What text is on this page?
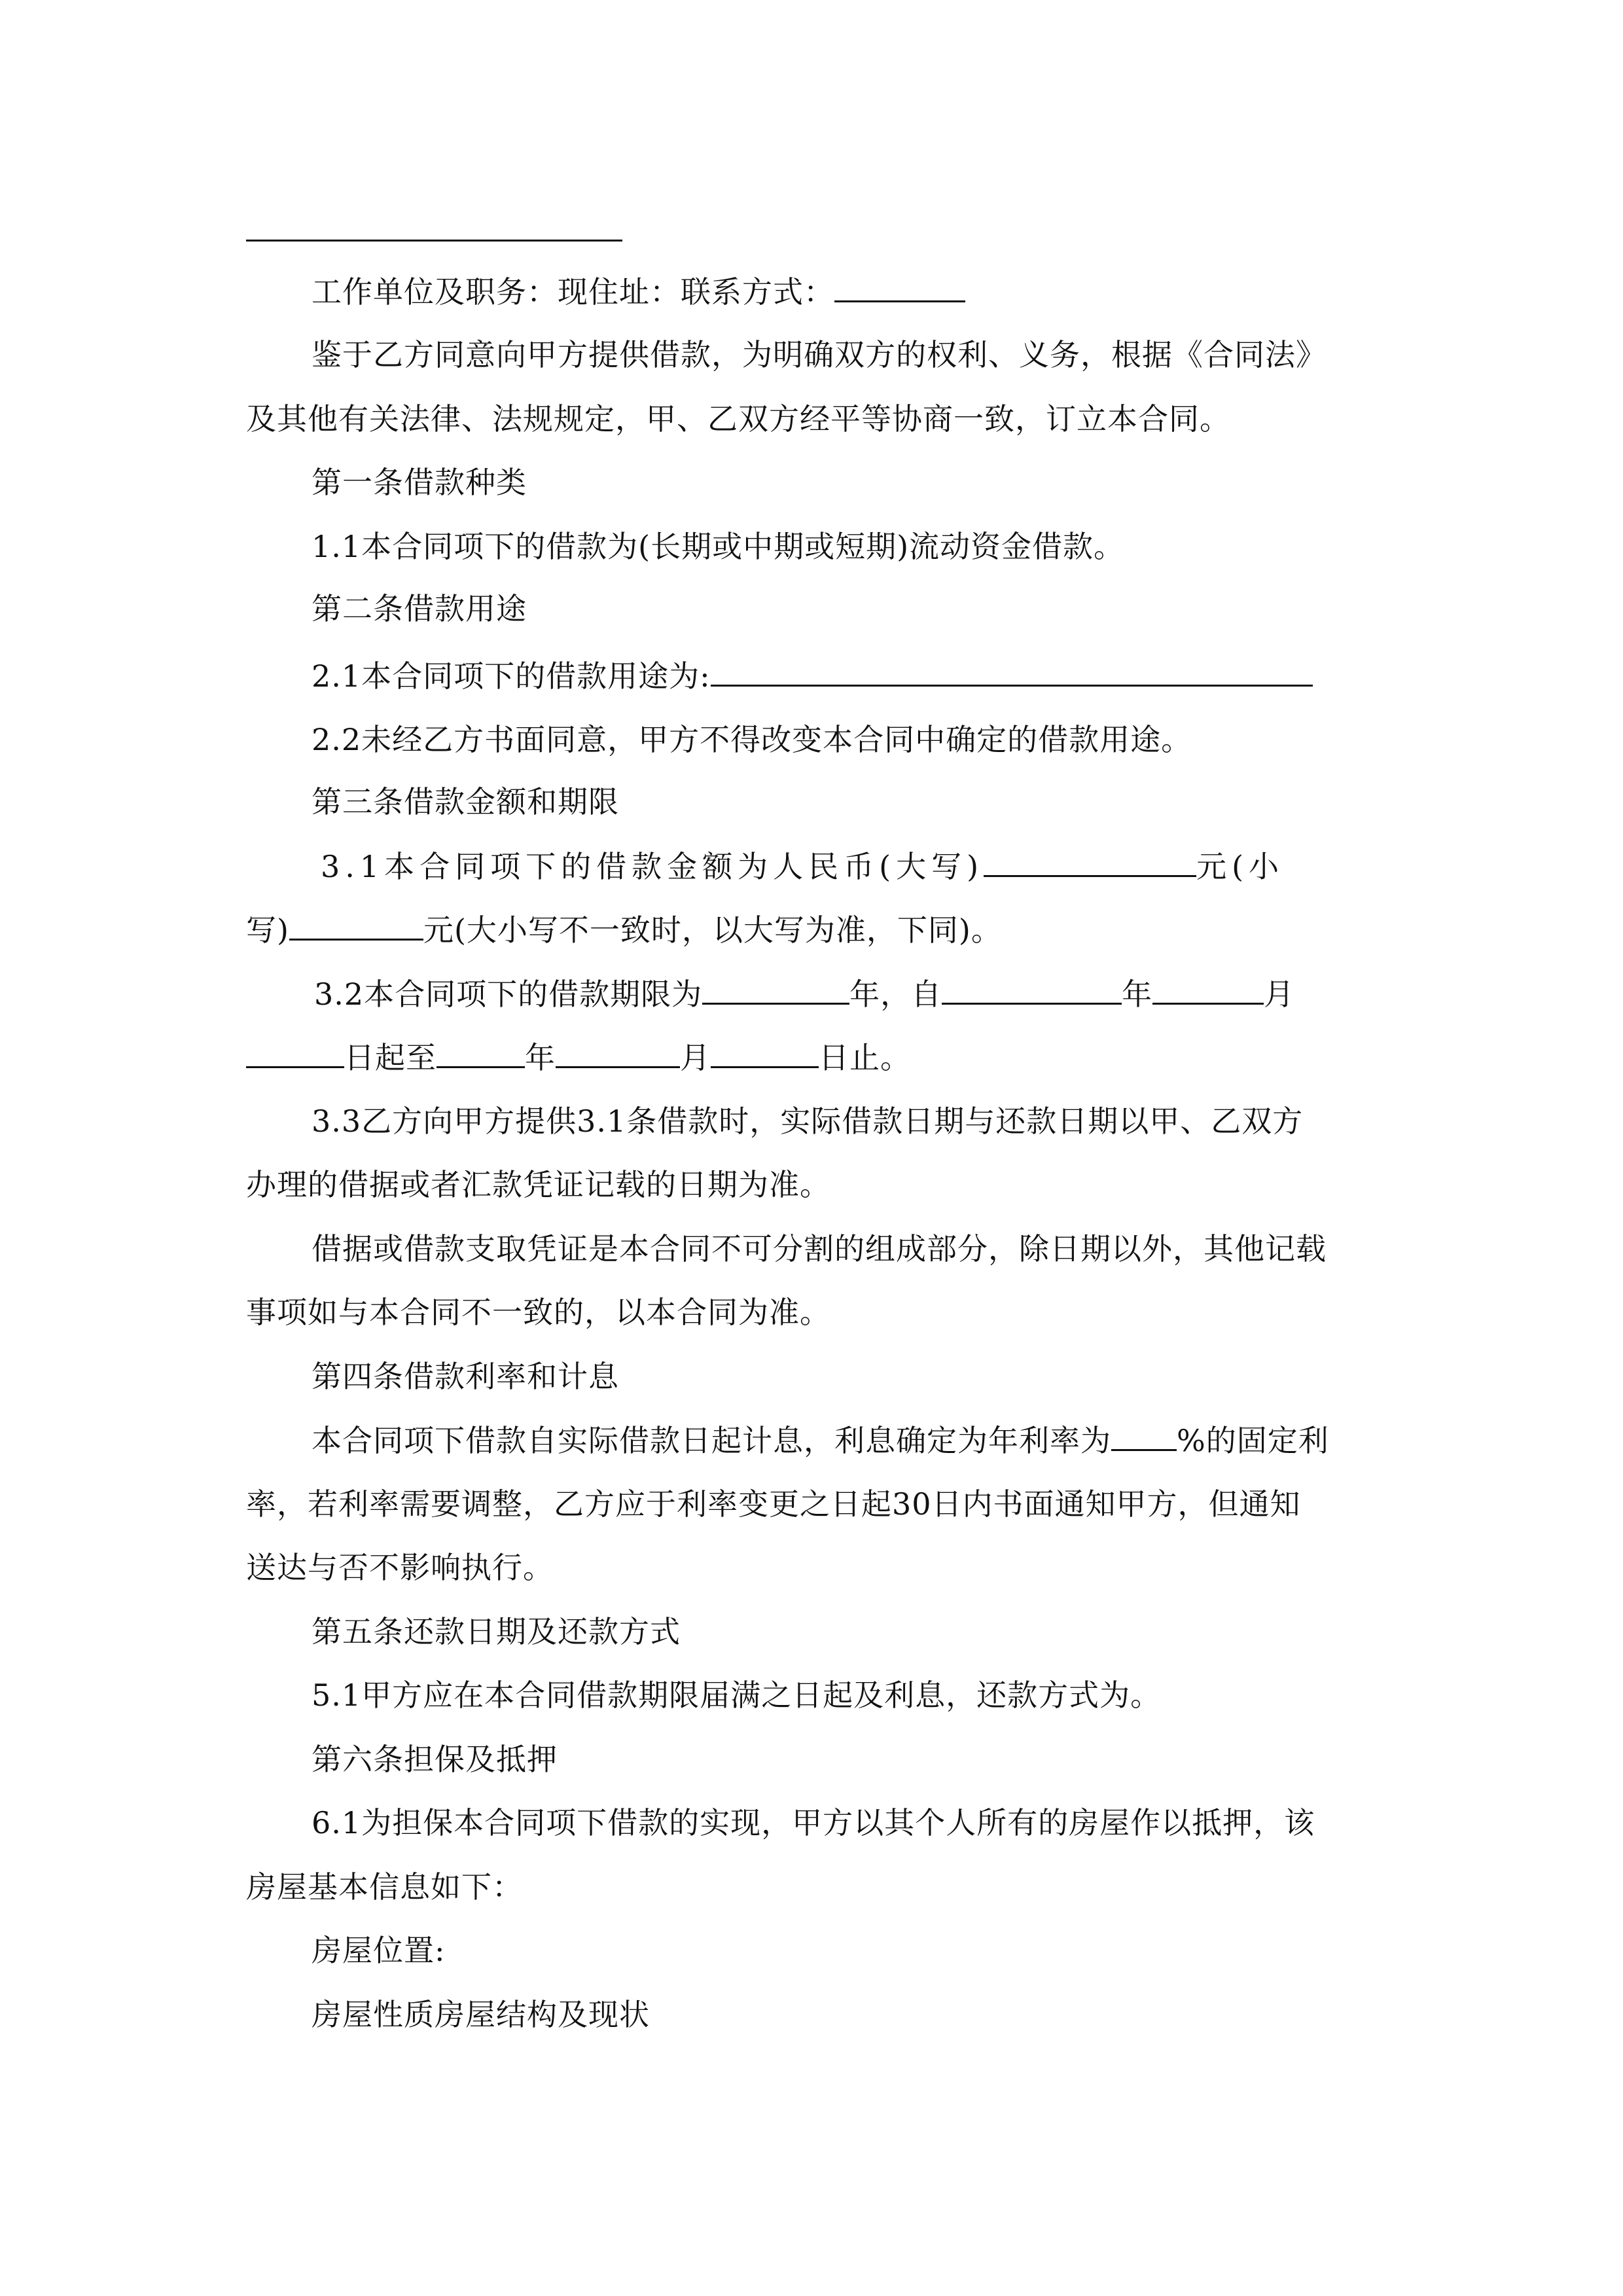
工作单位及职务：现住址：联系方式：
鉴于乙方同意向甲方提供借款，为明确双方的权利、义务，根据《合同法》
及其他有关法律、法规规定，甲、乙双方经平等协商一致，订立本合同。
第一条借款种类
1.1本合同项下的借款为(长期或中期或短期)流动资金借款。
第二条借款用途
2.1本合同项下的借款用途为:
2.2未经乙方书面同意，甲方不得改变本合同中确定的借款用途。
第三条借款金额和期限
3.1本合同项下的借款金额为人民币(大写)	元(小
写)	元(大小写不一致时，以大写为准，下同)。
3.2本合同项下的借款期限为	年，自	年	月
日起至	年	月	日止。
3.3乙方向甲方提供3.1条借款时，实际借款日期与还款日期以甲、乙双方
办理的借据或者汇款凭证记载的日期为准。
借据或借款支取凭证是本合同不可分割的组成部分，除日期以外，其他记载
事项如与本合同不一致的，以本合同为准。
第四条借款利率和计息
本合同项下借款自实际借款日起计息，利息确定为年利率为 %的固定利
率，若利率需要调整，乙方应于利率变更之日起30日内书面通知甲方，但通知
送达与否不影响执行。
第五条还款日期及还款方式
5.1甲方应在本合同借款期限届满之日起及利息，还款方式为。
第六条担保及抵押
6.1为担保本合同项下借款的实现，甲方以其个人所有的房屋作以抵押，该
房屋基本信息如下：
房屋位置:
房屋性质房屋结构及现状
